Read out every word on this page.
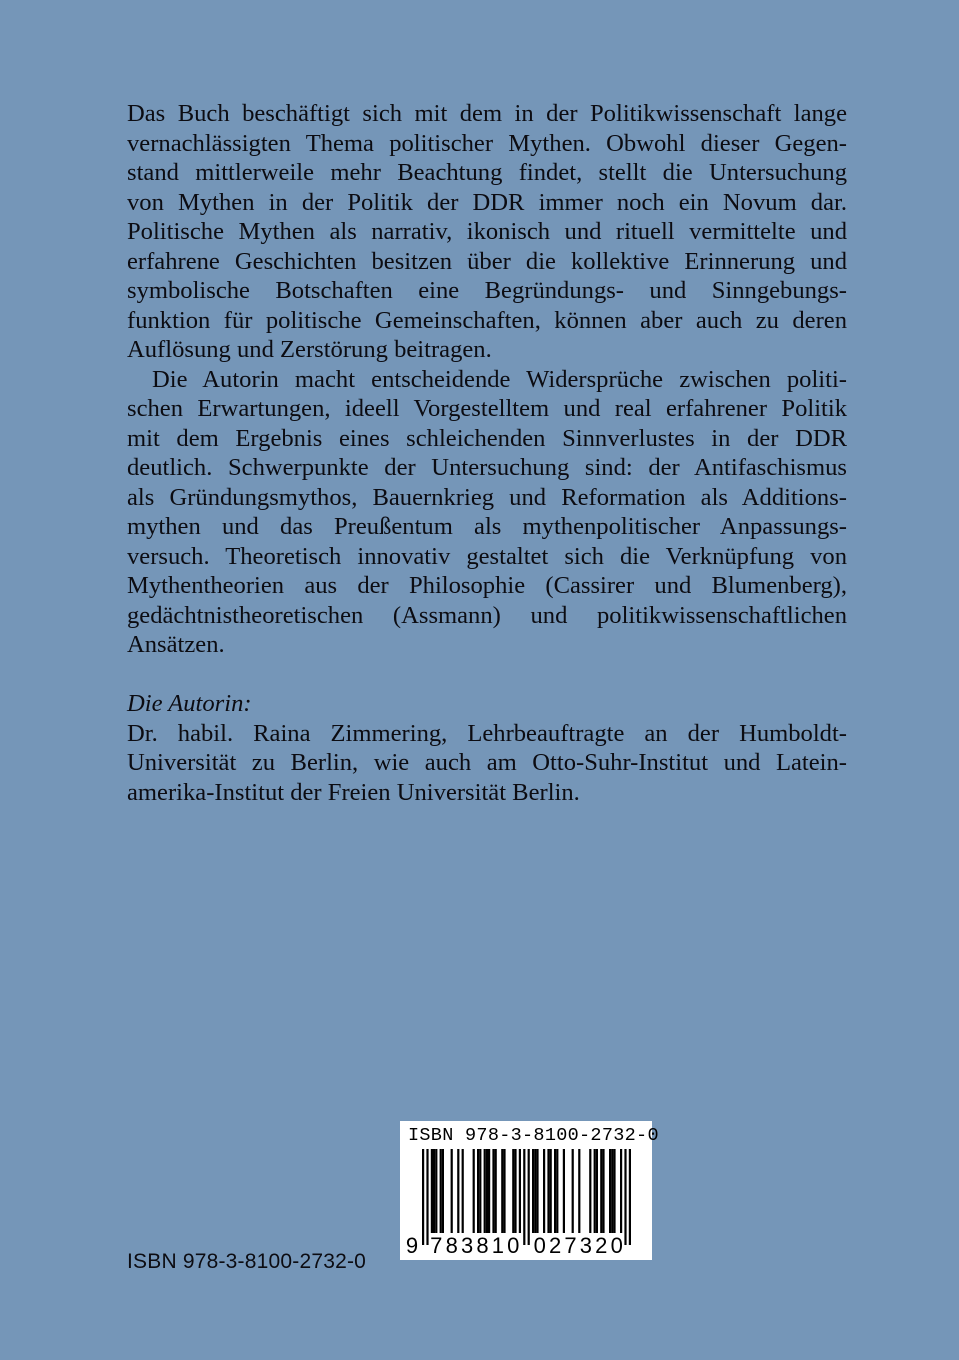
Das Buch beschäftigt sich mit dem in der Politikwissenschaft lange
vernachlässigten Thema politischer Mythen. Obwohl dieser Gegen-
stand mittlerweile mehr Beachtung findet, stellt die Untersuchung
von Mythen in der Politik der DDR immer noch ein Novum dar.
Politische Mythen als narrativ, ikonisch und rituell vermittelte und
erfahrene Geschichten besitzen über die kollektive Erinnerung und
symbolische Botschaften eine Begründungs- und Sinngebungs-
funktion für politische Gemeinschaften, können aber auch zu deren
Auflösung und Zerstörung beitragen.
Die Autorin macht entscheidende Widersprüche zwischen politi-
schen Erwartungen, ideell Vorgestelltem und real erfahrener Politik
mit dem Ergebnis eines schleichenden Sinnverlustes in der DDR
deutlich. Schwerpunkte der Untersuchung sind: der Antifaschismus
als Gründungsmythos, Bauernkrieg und Reformation als Additions-
mythen und das Preußentum als mythenpolitischer Anpassungs-
versuch. Theoretisch innovativ gestaltet sich die Verknüpfung von
Mythentheorien aus der Philosophie (Cassirer und Blumenberg),
gedächtnistheoretischen (Assmann) und politikwissenschaftlichen
Ansätzen.
Die Autorin:
Dr. habil. Raina Zimmering, Lehrbeauftragte an der Humboldt-
Universität zu Berlin, wie auch am Otto-Suhr-Institut und Latein-
amerika-Institut der Freien Universität Berlin.
ISBN 978-3-8100-2732-0
9 7 8 3 8 1 0 0 2 7 3 2 0
ISBN 978-3-8100-2732-0
